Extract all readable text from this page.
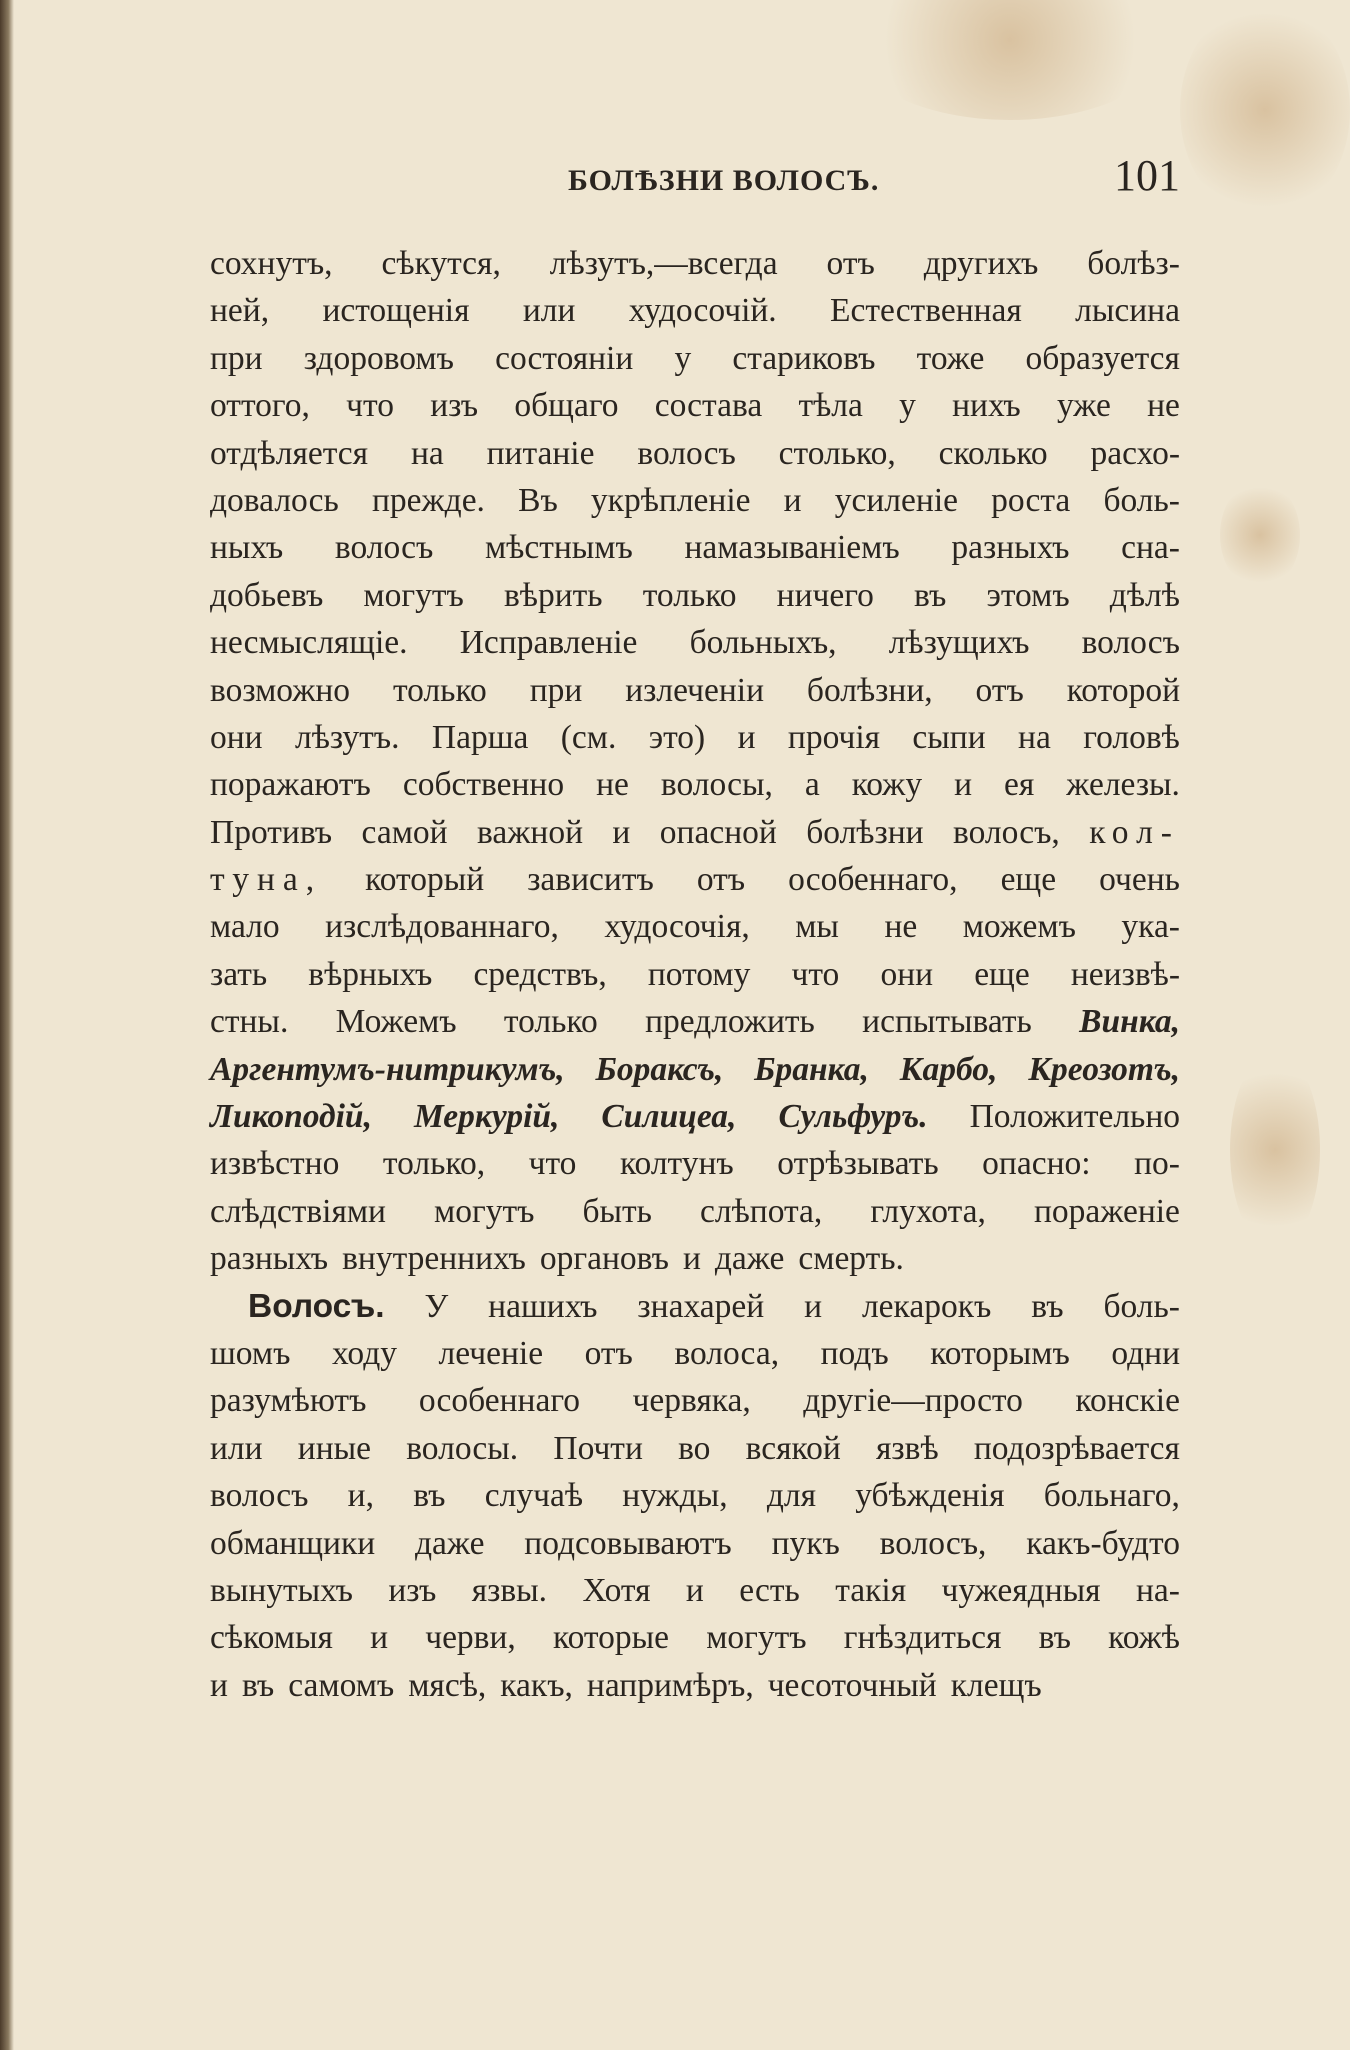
БОЛѢЗНИ ВОЛОСЪ.	101
сохнутъ, сѣкутся, лѣзутъ,—всегда отъ другихъ болѣз-
ней, истощенія или худосочій. Естественная лысина
при здоровомъ состояніи у стариковъ тоже образуется
оттого, что изъ общаго состава тѣла у нихъ уже не
отдѣляется на питаніе волосъ столько, сколько расхо-
довалось прежде. Въ укрѣпленіе и усиленіе роста боль-
ныхъ волосъ мѣстнымъ намазываніемъ разныхъ сна-
добьевъ могутъ вѣрить только ничего въ этомъ дѣлѣ
несмыслящіе. Исправленіе больныхъ, лѣзущихъ волосъ
возможно только при излеченіи болѣзни, отъ которой
они лѣзутъ. Парша (см. это) и прочія сыпи на головѣ
поражаютъ собственно не волосы, а кожу и ея железы.
Противъ самой важной и опасной болѣзни волосъ, кол-
туна, который зависитъ отъ особеннаго, еще очень
мало изслѣдованнаго, худосочія, мы не можемъ ука-
зать вѣрныхъ средствъ, потому что они еще неизвѣ-
стны. Можемъ только предложить испытывать Винка,
Аргентумъ-нитрикумъ, Бораксъ, Бранка, Карбо, Креозотъ,
Ликоподій, Меркурій, Силицеа, Сульфуръ. Положительно
извѣстно только, что колтунъ отрѣзывать опасно: по-
слѣдствіями могутъ быть слѣпота, глухота, пораженіе
разныхъ внутреннихъ органовъ и даже смерть.
Волосъ. У нашихъ знахарей и лекарокъ въ боль-
шомъ ходу леченіе отъ волоса, подъ которымъ одни
разумѣютъ особеннаго червяка, другіе—просто конскіе
или иные волосы. Почти во всякой язвѣ подозрѣвается
волосъ и, въ случаѣ нужды, для убѣжденія больнаго,
обманщики даже подсовываютъ пукъ волосъ, какъ-будто
вынутыхъ изъ язвы. Хотя и есть такія чужеядныя на-
сѣкомыя и черви, которые могутъ гнѣздиться въ кожѣ
и въ самомъ мясѣ, какъ, напримѣръ, чесоточный клещъ
